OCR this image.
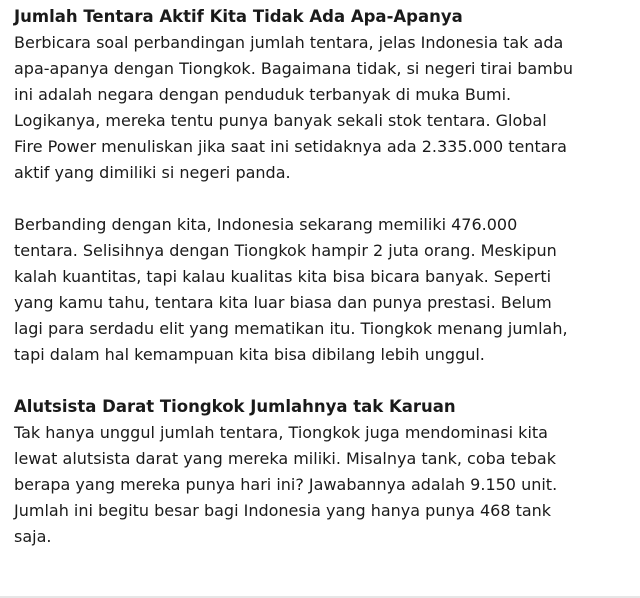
Jumlah Tentara Aktif Kita Tidak Ada Apa-Apanya

Berbicara soal perbandingan jumlah tentara, jelas Indonesia tak ada
apa-apanya dengan Tiongkok. Bagaimana tidak, si negeri tirai bambu
ini adalah negara dengan penduduk terbanyak di muka Bumi.
Logikanya, mereka tentu punya banyak sekali stok tentara. Global
Fire Power menuliskan jika saat ini setidaknya ada 2.335.000 tentara
aktif yang dimiliki si negeri panda.

Berbanding dengan kita, Indonesia sekarang memiliki 476.000
tentara. Selisihnya dengan Tiongkok hampir 2 juta orang. Meskipun
kalah kuantitas, tapi kalau kualitas kita bisa bicara banyak. Seperti
yang kamu tahu, tentara kita luar biasa dan punya prestasi. Belum
lagi para serdadu elit yang mematikan itu. Tiongkok menang jumlah,
tapi dalam hal kemampuan kita bisa dibilang lebih unggul.

Alutsista Darat Tiongkok Jumlahnya tak Karuan

Tak hanya unggul jumlah tentara, Tiongkok juga mendominasi kita
lewat alutsista darat yang mereka miliki. Misalnya tank, coba tebak
berapa yang mereka punya hari ini? Jawabannya adalah 9.150 unit.
Jumlah ini begitu besar bagi Indonesia yang hanya punya 468 tank
saja.
